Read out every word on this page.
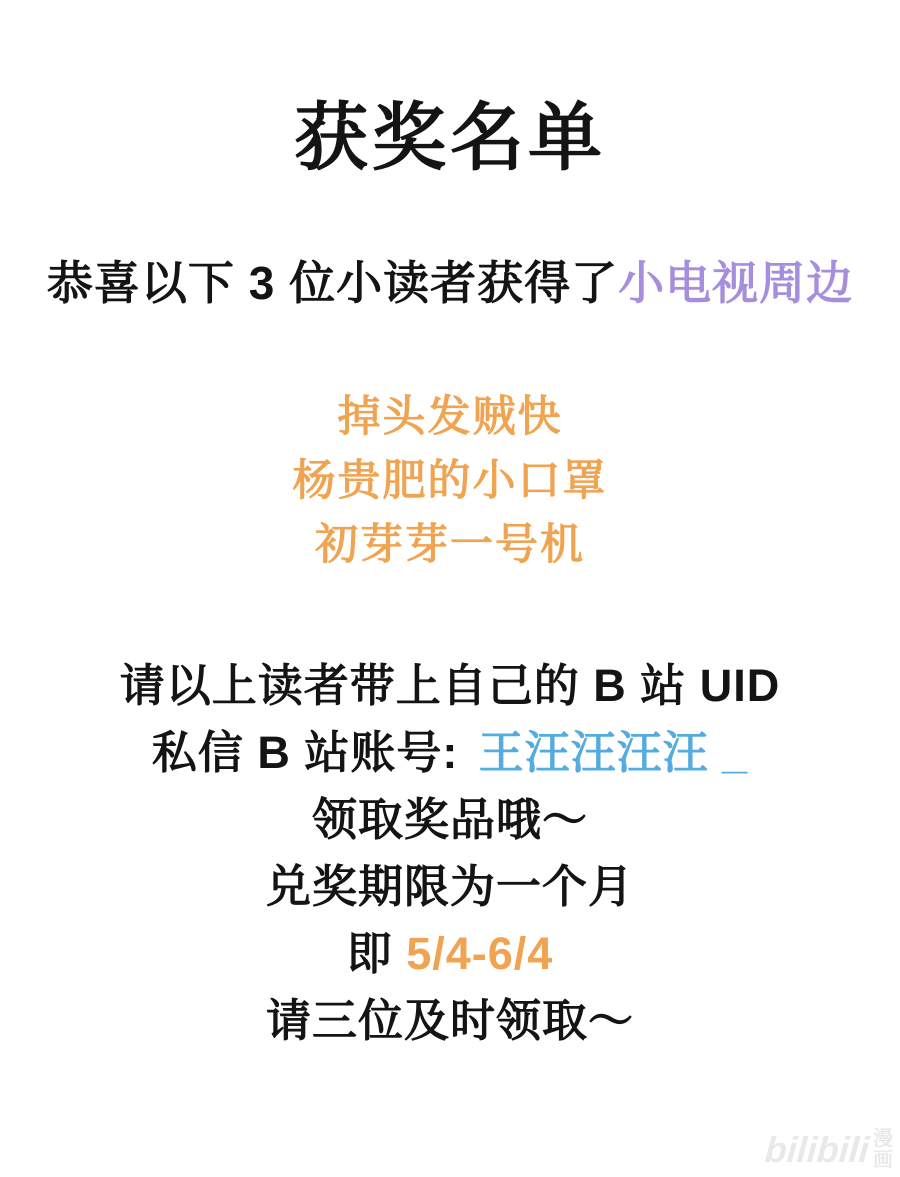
获奖名单

恭喜以下 3 位小读者获得了小电视周边

掉头发贼快

杨贵肥的小口罩

初芽芽一号机

请以上读者带上自己的 B 站 UID

私信 B 站账号: 王汪汪汪汪 _

领取奖品哦～

兑奖期限为一个月

即 5/4-6/4

请三位及时领取～

bilibili 漫
画
